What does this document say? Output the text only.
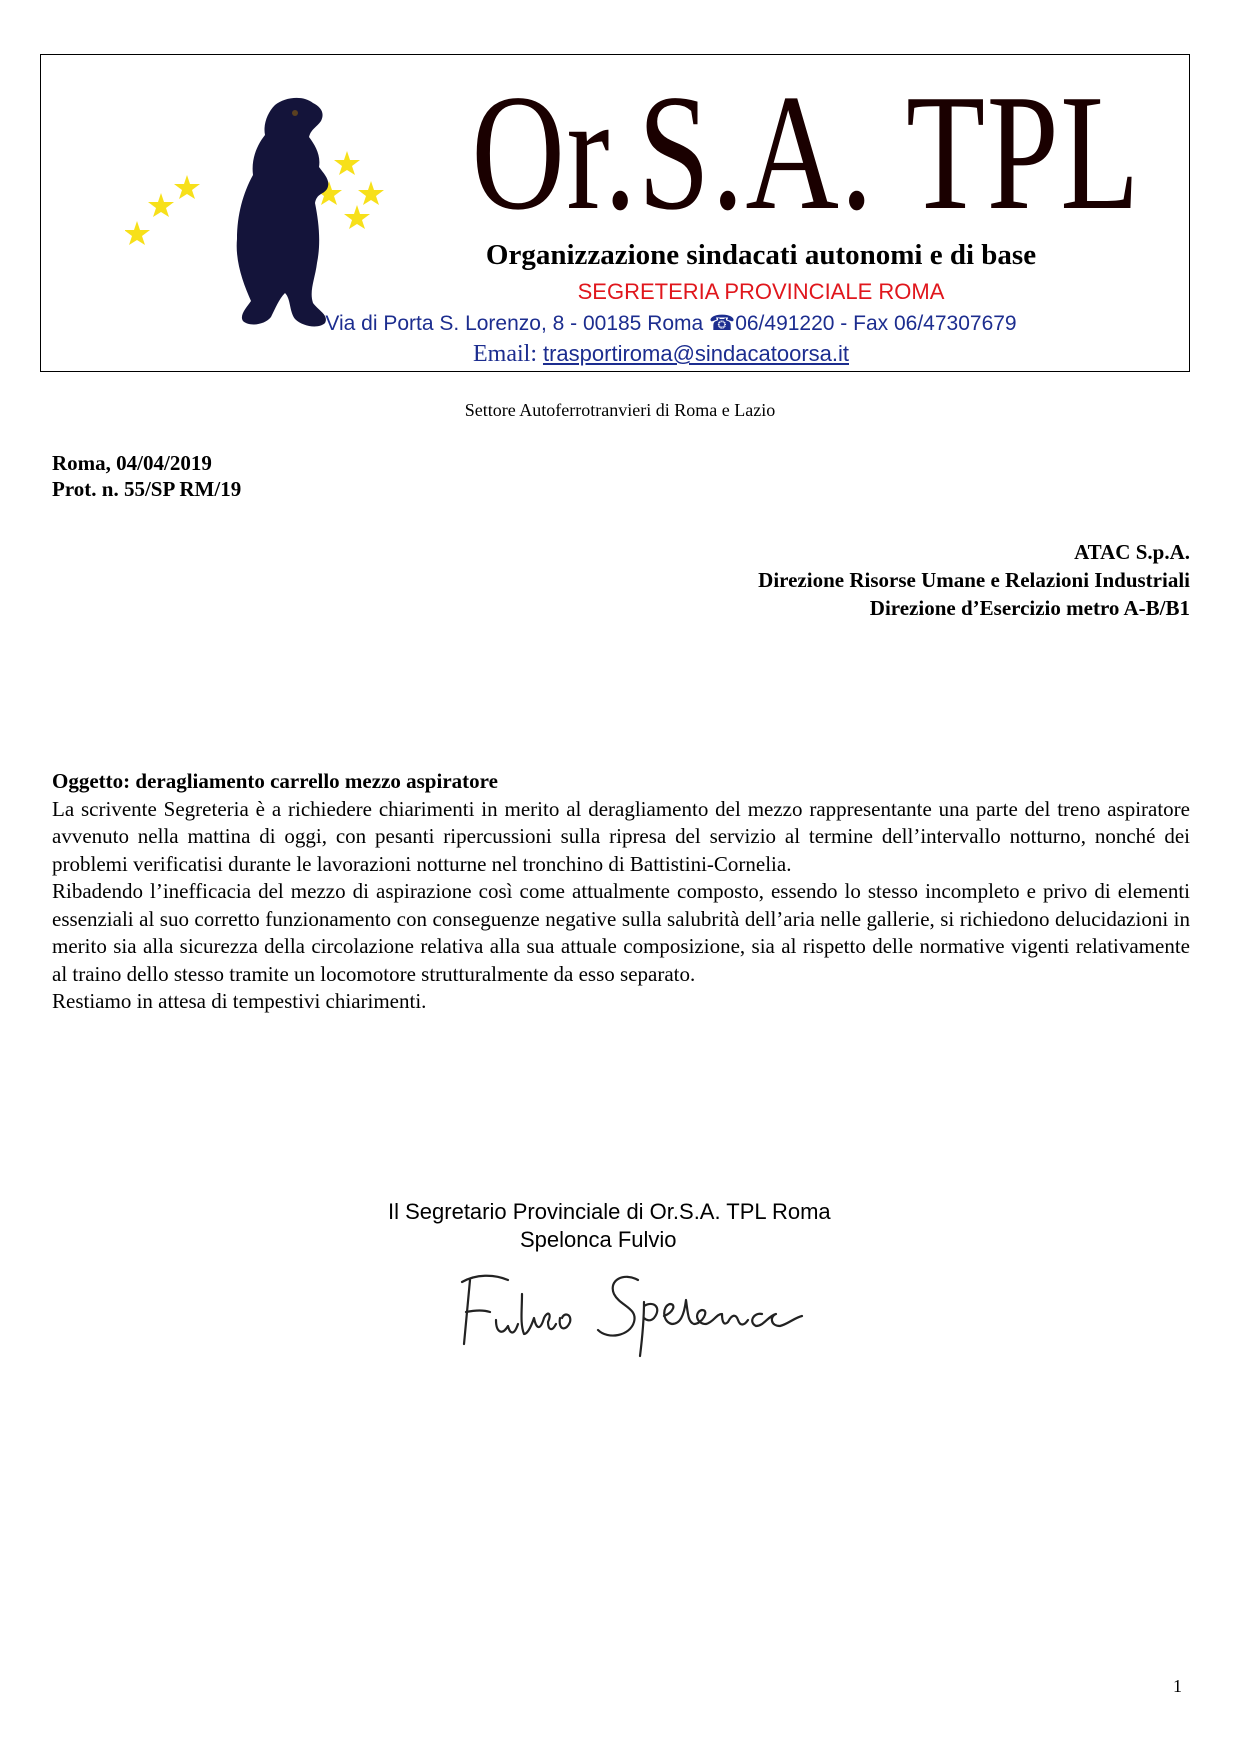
Or.S.A. TPL
Organizzazione sindacati autonomi e di base
SEGRETERIA PROVINCIALE ROMA
Via di Porta S. Lorenzo, 8 - 00185 Roma ☎06/491220 - Fax 06/47307679
Email: trasportiroma@sindacatoorsa.it
Settore Autoferrotranvieri di Roma e Lazio
Roma, 04/04/2019
Prot. n. 55/SP RM/19
ATAC S.p.A.
Direzione Risorse Umane e Relazioni Industriali
Direzione d’Esercizio metro A-B/B1
Oggetto: deragliamento carrello mezzo aspiratore

La scrivente Segreteria è a richiedere chiarimenti in merito al deragliamento del mezzo rappresentante una parte del treno aspiratore avvenuto nella mattina di oggi, con pesanti ripercussioni sulla ripresa del servizio al termine dell’intervallo notturno, nonché dei problemi verificatisi durante le lavorazioni notturne nel tronchino di Battistini-Cornelia.

Ribadendo l’inefficacia del mezzo di aspirazione così come attualmente composto, essendo lo stesso incompleto e privo di elementi essenziali al suo corretto funzionamento con conseguenze negative sulla salubrità dell’aria nelle gallerie, si richiedono delucidazioni in merito sia alla sicurezza della circolazione relativa alla sua attuale composizione, sia al rispetto delle normative vigenti relativamente al traino dello stesso tramite un locomotore strutturalmente da esso separato.

Restiamo in attesa di tempestivi chiarimenti.

Il Segretario Provinciale di Or.S.A. TPL Roma
Spelonca Fulvio
1
